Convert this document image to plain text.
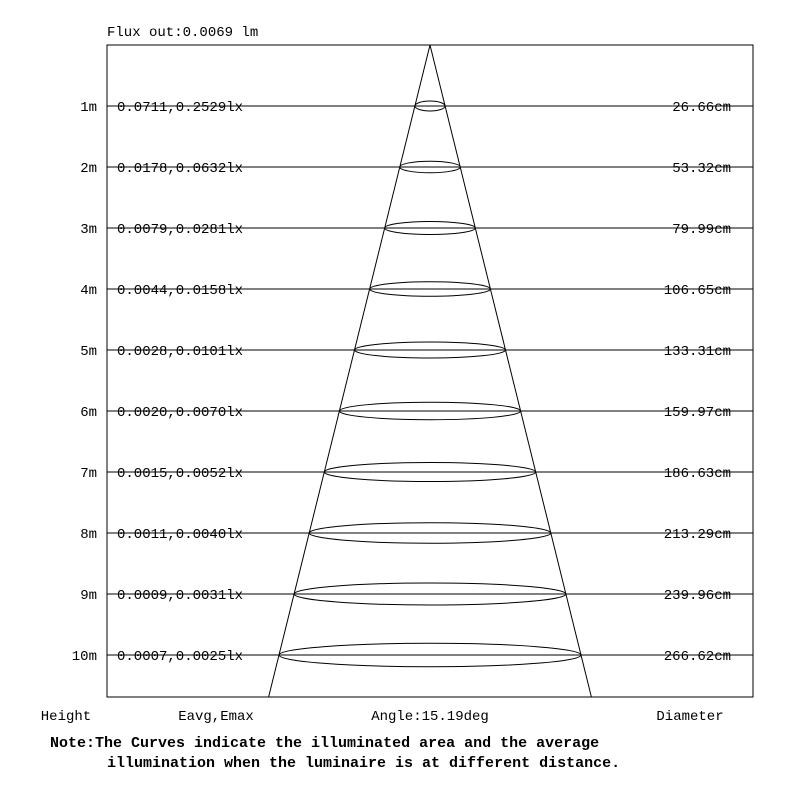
Flux out:0.0069 lm
1m 0.0711,0.2529lx	26.66cm
2m 0.0178,0.0632lx	53.32cm
3m 0.0079,0.0281lx	79.99cm
4m 0.0044,0.0158lx	106.65cm
5m 0.0028,0.0101lx	133.31cm
6m 0.0020,0.0070lx	159.97cm
7m 0.0015,0.0052lx	186.63cm
8m 0.0011,0.0040lx	213.29cm
9m 0.0009,0.0031lx	239.96cm
10m 0.0007,0.0025lx	266.62cm
Height	Eavg,Emax	Angle:15.19deg	Diameter
Note: The Curves indicate the illuminated area and the average
illumination when the luminaire is at different distance.
